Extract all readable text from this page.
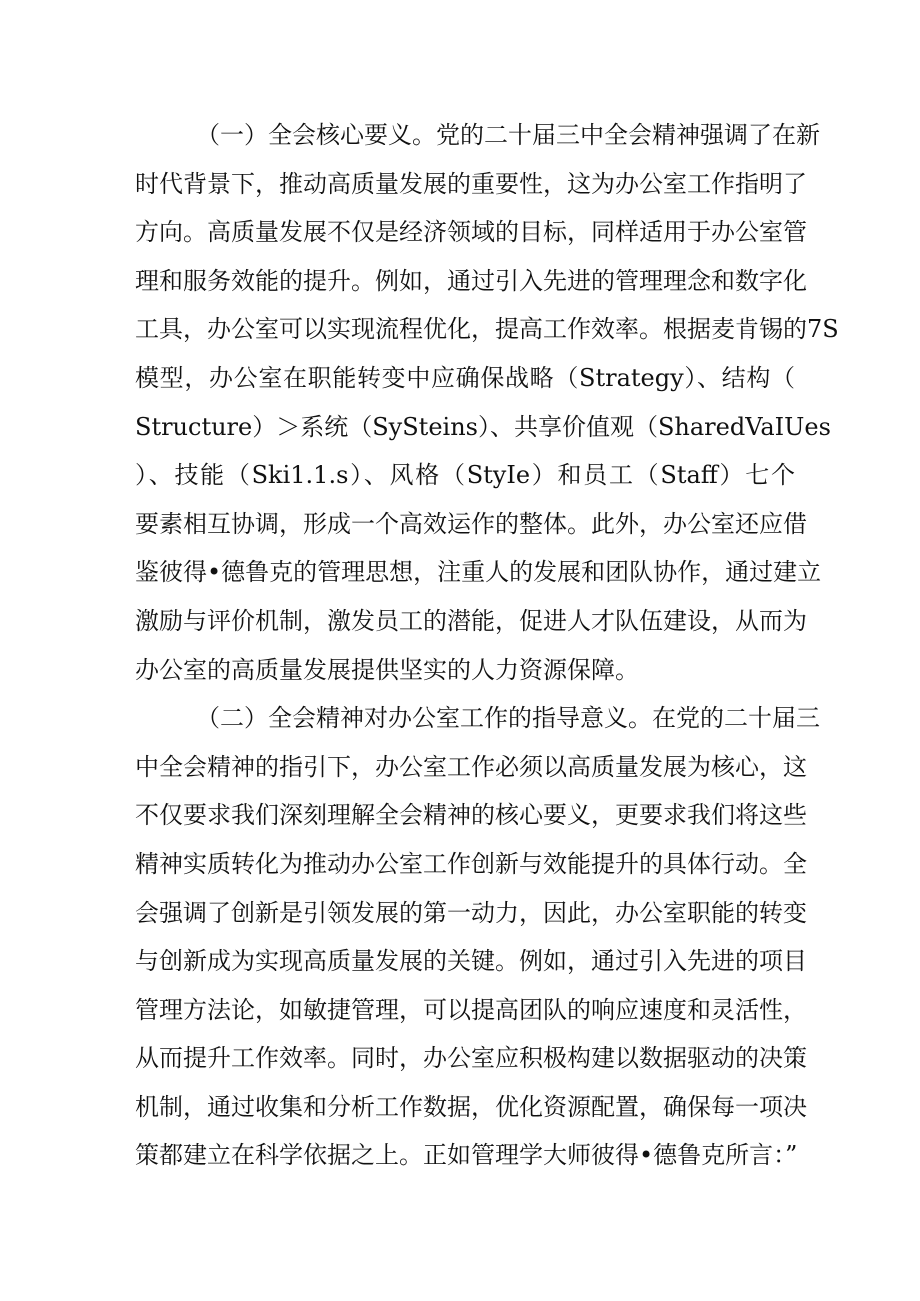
（一）全会核心要义。党的二十届三中全会精神强调了在新
时代背景下，推动高质量发展的重要性，这为办公室工作指明了
方向。高质量发展不仅是经济领域的目标，同样适用于办公室管
理和服务效能的提升。例如，通过引入先进的管理理念和数字化
工具，办公室可以实现流程优化，提高工作效率。根据麦肯锡的7S
模型，办公室在职能转变中应确保战略（Strategy）、结构（
Structure）＞系统（SySteins）、共享价值观（SharedVaIUes
）、技能（Ski1.1.s）、风格（StyIe）和员工（Staff）七个
要素相互协调，形成一个高效运作的整体。此外，办公室还应借
鉴彼得•德鲁克的管理思想，注重人的发展和团队协作，通过建立
激励与评价机制，激发员工的潜能，促进人才队伍建设，从而为
办公室的高质量发展提供坚实的人力资源保障。
（二）全会精神对办公室工作的指导意义。在党的二十届三
中全会精神的指引下，办公室工作必须以高质量发展为核心，这
不仅要求我们深刻理解全会精神的核心要义，更要求我们将这些
精神实质转化为推动办公室工作创新与效能提升的具体行动。全
会强调了创新是引领发展的第一动力，因此，办公室职能的转变
与创新成为实现高质量发展的关键。例如，通过引入先进的项目
管理方法论，如敏捷管理，可以提高团队的响应速度和灵活性，
从而提升工作效率。同时，办公室应积极构建以数据驱动的决策
机制，通过收集和分析工作数据，优化资源配置，确保每一项决
策都建立在科学依据之上。正如管理学大师彼得•德鲁克所言：”
